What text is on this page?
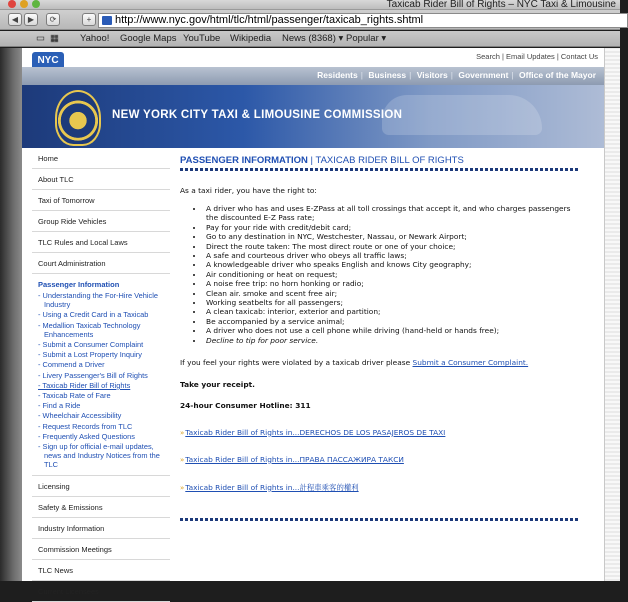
Taxicab Rider Bill of Rights – NYC Taxi & Limousine
◀	▶	⟳	+	http://www.nyc.gov/html/tlc/html/passenger/taxicab_rights.shtml
▭ ▦ Yahoo! Google Maps YouTube Wikipedia News (8368) ▾ Popular ▾
NYC	Search | Email Updates | Contact Us
Residents | Business | Visitors | Government | Office of the Mayor
NEW YORK CITY TAXI & LIMOUSINE COMMISSION
Home
About TLC
Taxi of Tomorrow
Group Ride Vehicles
TLC Rules and Local Laws
Court Administration
Passenger Information
- Understanding the For-Hire Vehicle Industry
- Using a Credit Card in a Taxicab
- Medallion Taxicab Technology Enhancements
- Submit a Consumer Complaint
- Submit a Lost Property Inquiry
- Commend a Driver
- Livery Passenger's Bill of Rights
- Taxicab Rider Bill of Rights
- Taxicab Rate of Fare
- Find a Ride
- Wheelchair Accessibility
- Request Records from TLC
- Frequently Asked Questions
- Sign up for official e-mail updates, news and Industry Notices from the TLC
Licensing
Safety & Emissions
Industry Information
Commission Meetings
TLC News
Current Licensees
PASSENGER INFORMATION | TAXICAB RIDER BILL OF RIGHTS
As a taxi rider, you have the right to:
• A driver who has and uses E-ZPass at all toll crossings that accept it, and who charges passengers the discounted E-Z Pass rate;
• Pay for your ride with credit/debit card;
• Go to any destination in NYC, Westchester, Nassau, or Newark Airport;
• Direct the route taken: The most direct route or one of your choice;
• A safe and courteous driver who obeys all traffic laws;
• A knowledgeable driver who speaks English and knows City geography;
• Air conditioning or heat on request;
• A noise free trip: no horn honking or radio;
• Clean air. smoke and scent free air;
• Working seatbelts for all passengers;
• A clean taxicab: interior, exterior and partition;
• Be accompanied by a service animal;
• A driver who does not use a cell phone while driving (hand-held or hands free);
• Decline to tip for poor service.
If you feel your rights were violated by a taxicab driver please Submit a Consumer Complaint.
Take your receipt.
24-hour Consumer Hotline: 311
»Taxicab Rider Bill of Rights in...DERECHOS DE LOS PASAJEROS DE TAXI
»Taxicab Rider Bill of Rights in...ПРАВА ПАССАЖИРА ТАКСИ
»Taxicab Rider Bill of Rights in...計程車乘客的權利
